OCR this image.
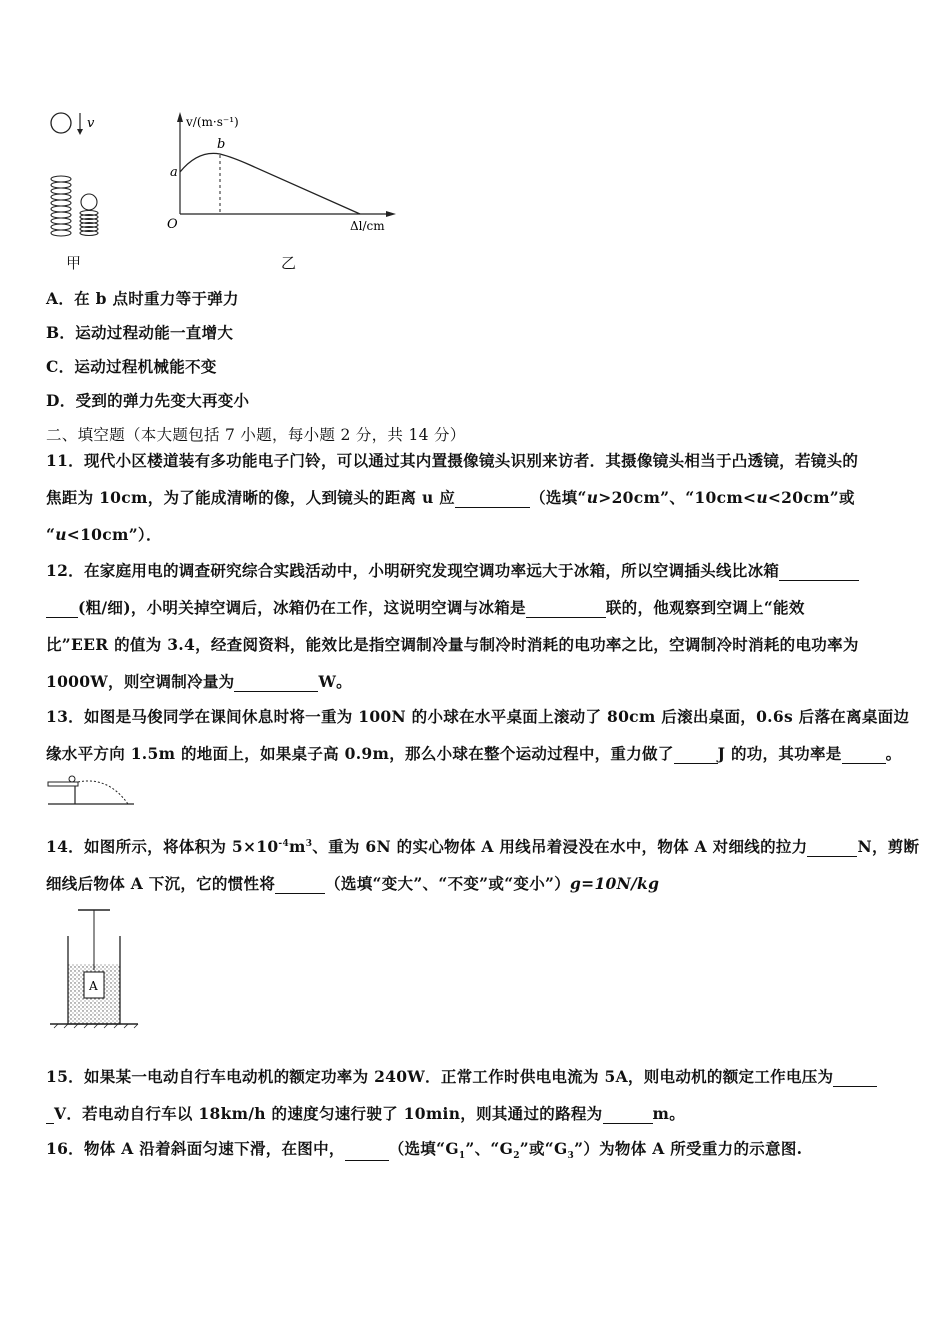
v
甲
v/(m·s⁻¹)
Δl/cm
O
a
b
乙
A．在 b 点时重力等于弹力
B．运动过程动能一直增大
C．运动过程机械能不变
D．受到的弹力先变大再变小
二、填空题（本大题包括 7 小题，每小题 2 分，共 14 分）
11．现代小区楼道装有多功能电子门铃，可以通过其内置摄像镜头识别来访者．其摄像镜头相当于凸透镜，若镜头的
焦距为 10cm，为了能成清晰的像，人到镜头的距离 u 应	（选填“u>20cm”、“10cm<u<20cm”或
“u<10cm”）．
12．在家庭用电的调查研究综合实践活动中，小明研究发现空调功率远大于冰箱，所以空调插头线比冰箱
(粗/细)，小明关掉空调后，冰箱仍在工作，这说明空调与冰箱是	联的，他观察到空调上“能效
比”EER 的值为 3.4，经查阅资料，能效比是指空调制冷量与制冷时消耗的电功率之比，空调制冷时消耗的电功率为
1000W，则空调制冷量为	W。
13．如图是马俊同学在课间休息时将一重为 100N 的小球在水平桌面上滚动了 80cm 后滚出桌面，0.6s 后落在离桌面边
缘水平方向 1.5m 的地面上，如果桌子高 0.9m，那么小球在整个运动过程中，重力做了	J 的功，其功率是	。
14．如图所示，将体积为 $5\times 10^{-4}m^3$、重为 6N 的实心物体 A 用线吊着浸没在水中，物体 A 对细线的拉力	N，剪断
细线后物体 A 下沉，它的惯性将	（选填“变大”、“不变”或“变小”）g=10N/kg
A
15．如果某一电动自行车电动机的额定功率为 240W．正常工作时供电电流为 5A，则电动机的额定工作电压为
V．若电动自行车以 18km/h 的速度匀速行驶了 10min，则其通过的路程为	m。
16．物体 A 沿着斜面匀速下滑，在图中，	（选填“$G_1$”、“$G_2$”或“$G_3$”）为物体 A 所受重力的示意图.
